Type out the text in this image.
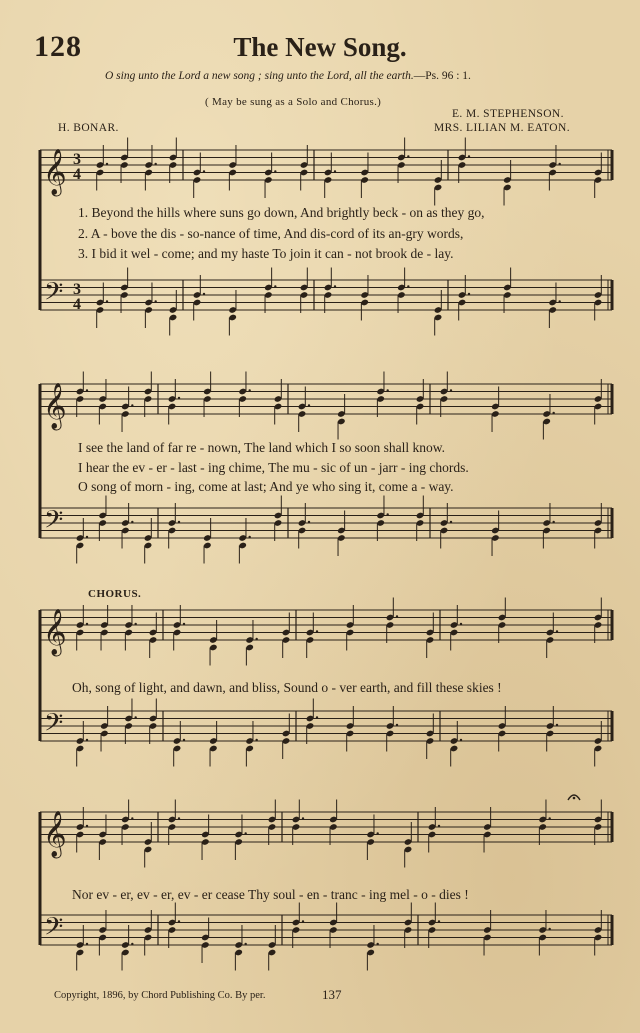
128	The New Song.
O sing unto the Lord a new song ; sing unto the Lord, all the earth.—Ps. 96 : 1.
( May be sung as a Solo and Chorus.)
E. M. STEPHENSON.
MRS. LILIAN M. EATON.
H. BONAR.
𝄞
𝄢
3
4
3
4
𝄞
𝄢
𝄞
𝄢
𝄞
𝄢
1. Beyond the hills where suns go down, And brightly beck - on as they go,
2. A - bove the dis - so-nance of time, And dis-cord of its an-gry words,
3. I bid it wel - come; and my haste To join it can - not brook de - lay.
I see the land of far re - nown, The land which I so soon shall know.
I hear the ev - er - last - ing chime, The mu - sic of un - jarr - ing chords.
O song of morn - ing, come at last; And ye who sing it, come a - way.
CHORUS.
Oh, song of light, and dawn, and bliss, Sound o - ver earth, and fill these skies !
Nor ev - er, ev - er, ev - er cease Thy soul - en - tranc - ing mel - o - dies !
Copyright, 1896, by Chord Publishing Co. By per.	137
